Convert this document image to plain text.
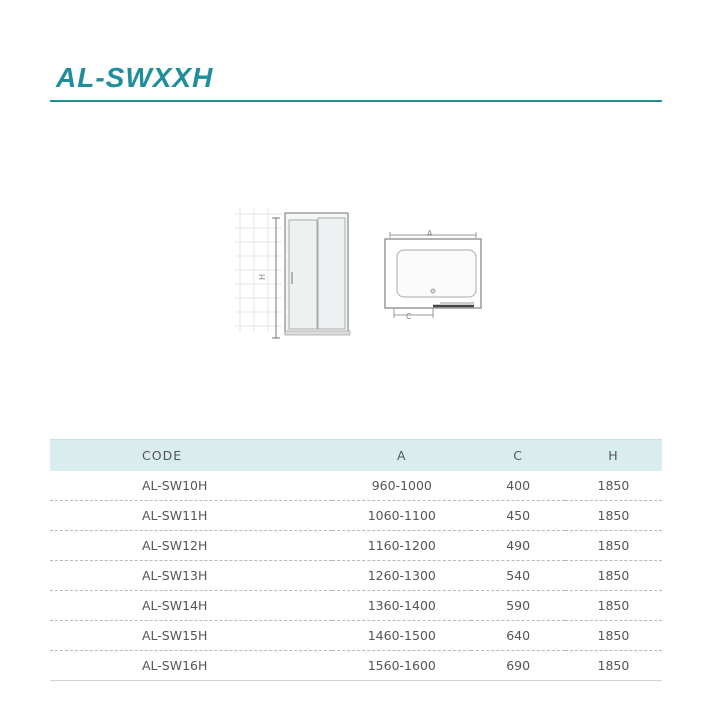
AL-SWXXH
H
A
C
CODE	A	C	H
AL-SW10H	960-1000	400	1850
AL-SW11H	1060-1100	450	1850
AL-SW12H	1160-1200	490	1850
AL-SW13H	1260-1300	540	1850
AL-SW14H	1360-1400	590	1850
AL-SW15H	1460-1500	640	1850
AL-SW16H	1560-1600	690	1850
